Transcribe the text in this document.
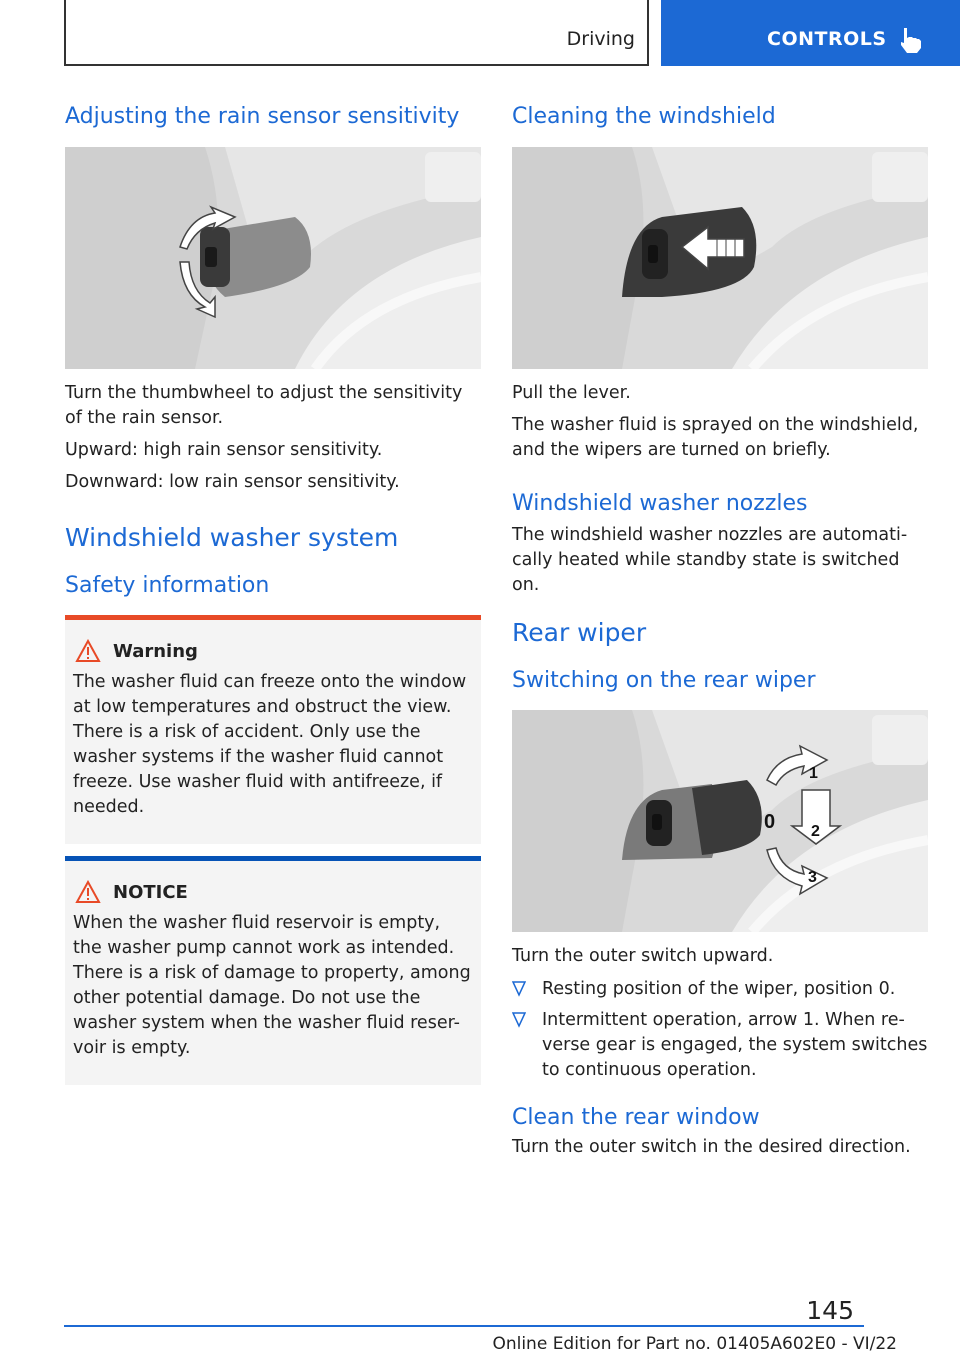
Driving	CONTROLS
Adjusting the rain sensor sensitivity

Turn the thumbwheel to adjust the sensitivity of the rain sensor.

Upward: high rain sensor sensitivity.

Downward: low rain sensor sensitivity.

Windshield washer system
Safety information
Warning
The washer fluid can freeze onto the window at low temperatures and obstruct the view. There is a risk of accident. Only use the washer systems if the washer fluid cannot freeze. Use washer fluid with antifreeze, if needed.
NOTICE
When the washer fluid reservoir is empty, the washer pump cannot work as intended. There is a risk of damage to property, among other potential damage. Do not use the washer system when the washer fluid reser-voir is empty.
Cleaning the windshield

Pull the lever.

The washer fluid is sprayed on the windshield, and the wipers are turned on briefly.

Windshield washer nozzles

The windshield washer nozzles are automati-cally heated while standby state is switched on.

Rear wiper
Switching on the rear wiper
0
1
2
3

Turn the outer switch upward.

Resting position of the wiper, position 0.
Intermittent operation, arrow 1. When re-verse gear is engaged, the system switches to continuous operation.
Clean the rear window

Turn the outer switch in the desired direction.

145
Online Edition for Part no. 01405A602E0 - VI/22
